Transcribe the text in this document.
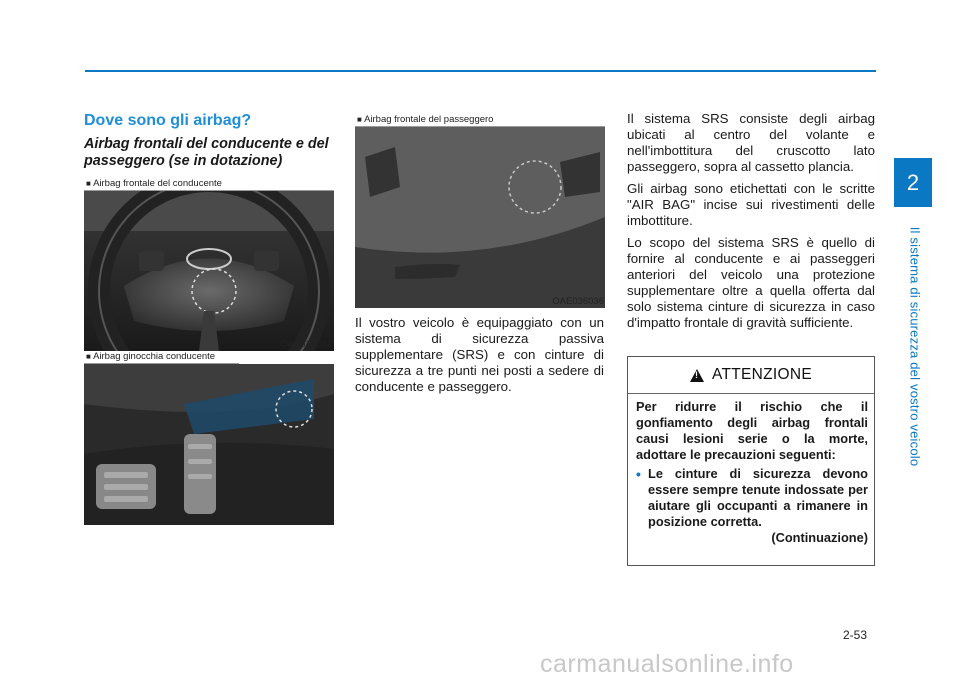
2
Il sistema di sicurezza del vostro veicolo
Dove sono gli airbag?
Airbag frontali del conducente e del passeggero (se in dotazione)
■ Airbag frontale del conducente
OAE036032
■ Airbag ginocchia conducente
OAE036033
■ Airbag frontale del passeggero
OAE036036

Il vostro veicolo è equipaggiato con un sistema di sicurezza passiva supplementare (SRS) e con cinture di sicurezza a tre punti nei posti a sedere di conducente e passeggero.

Il sistema SRS consiste degli airbag ubicati al centro del volante e nell'imbottitura del cruscotto lato passeggero, sopra al cassetto plancia.

Gli airbag sono etichettati con le scritte "AIR BAG" incise sui rivestimenti delle imbottiture.

Lo scopo del sistema SRS è quello di fornire al conducente e ai passeggeri anteriori del veicolo una protezione supplementare oltre a quella offerta dal solo sistema cinture di sicurezza in caso d'impatto frontale di gravità sufficiente.

!
ATTENZIONE

Per ridurre il rischio che il gonfiamento degli airbag frontali causi lesioni serie o la morte, adottare le precauzioni seguenti:

• Le cinture di sicurezza devono essere sempre tenute indossate per aiutare gli occupanti a rimanere in posizione corretta.

(Continuazione)

2-53
carmanualsonline.info
